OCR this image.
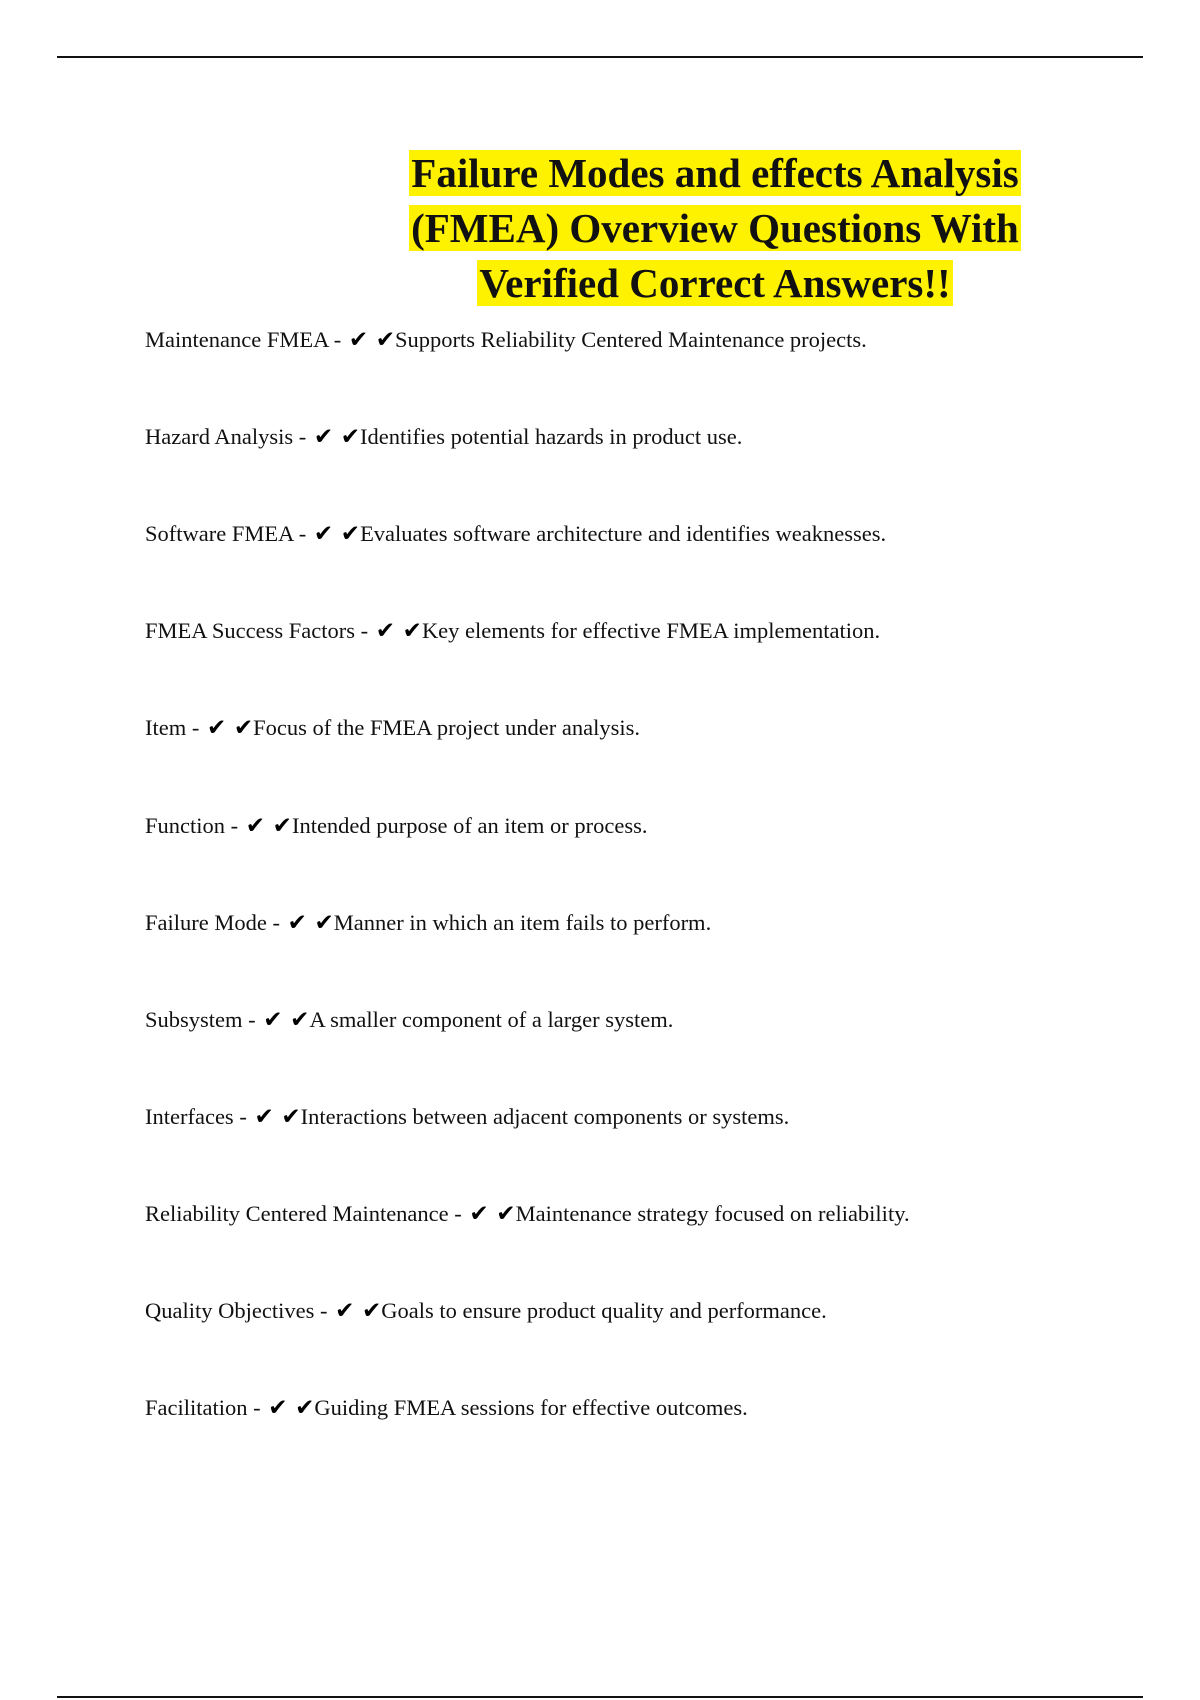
Failure Modes and effects Analysis
(FMEA) Overview Questions With
Verified Correct Answers!!
Maintenance FMEA - ✔ ✔Supports Reliability Centered Maintenance projects.
Hazard Analysis - ✔ ✔Identifies potential hazards in product use.
Software FMEA - ✔ ✔Evaluates software architecture and identifies weaknesses.
FMEA Success Factors - ✔ ✔Key elements for effective FMEA implementation.
Item - ✔ ✔Focus of the FMEA project under analysis.
Function - ✔ ✔Intended purpose of an item or process.
Failure Mode - ✔ ✔Manner in which an item fails to perform.
Subsystem - ✔ ✔A smaller component of a larger system.
Interfaces - ✔ ✔Interactions between adjacent components or systems.
Reliability Centered Maintenance - ✔ ✔Maintenance strategy focused on reliability.
Quality Objectives - ✔ ✔Goals to ensure product quality and performance.
Facilitation - ✔ ✔Guiding FMEA sessions for effective outcomes.
